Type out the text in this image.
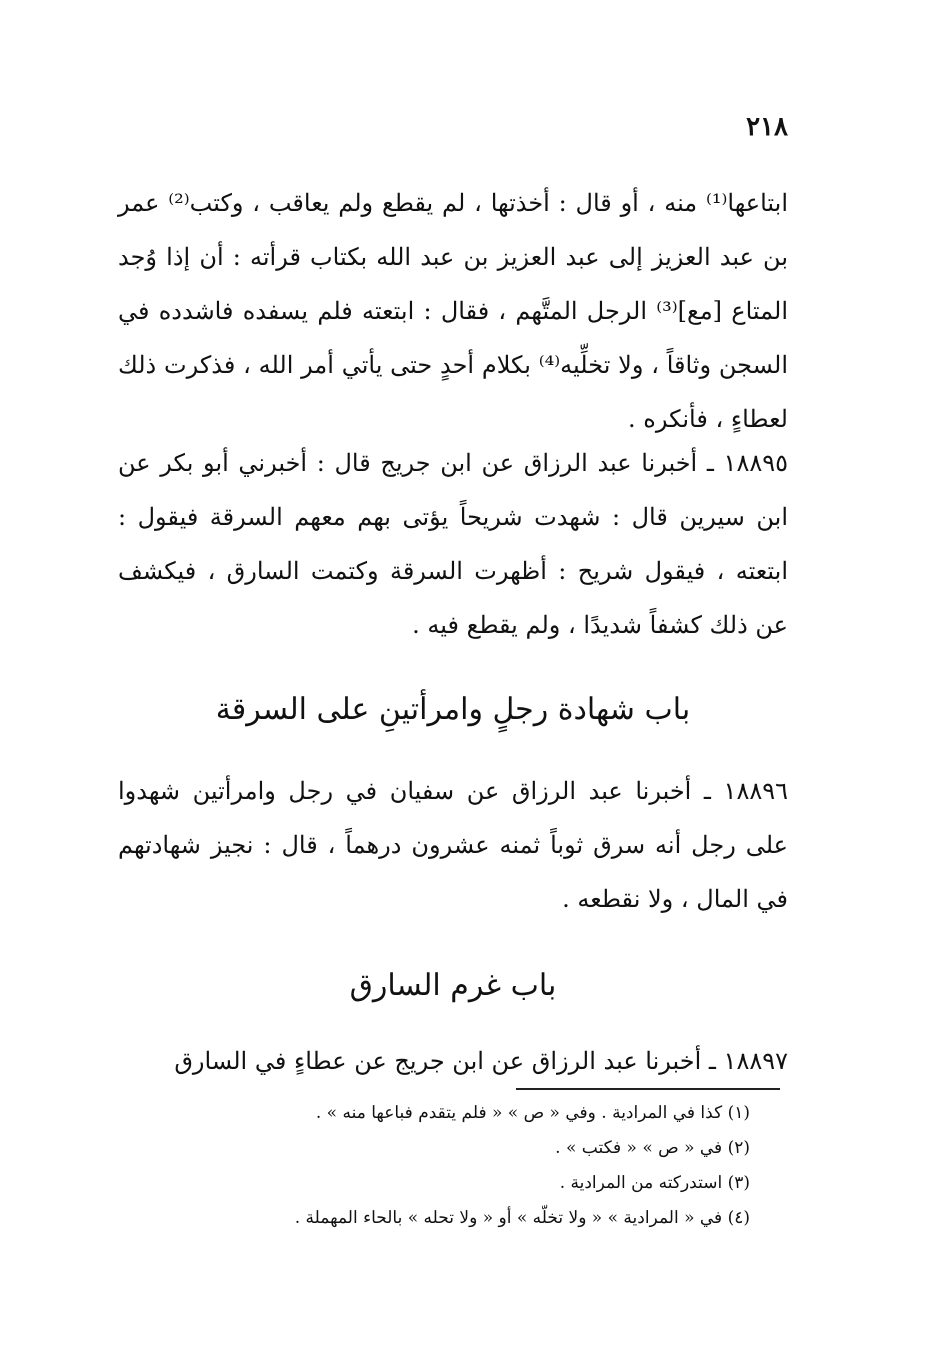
٢١٨

ابتاعها⁽¹⁾ منه ، أو قال : أخذتها ، لم يقطع ولم يعاقب ، وكتب⁽²⁾ عمر بن عبد العزيز إلى عبد العزيز بن عبد الله بكتاب قرأته : أن إذا وُجد المتاع [مع]⁽³⁾ الرجل المتَّهم ، فقال : ابتعته فلم يسفده فاشدده في السجن وثاقاً ، ولا تخلِّيه⁽⁴⁾ بكلام أحدٍ حتى يأتي أمر الله ، فذكرت ذلك لعطاءٍ ، فأنكره .

١٨٨٩٥ ـ أخبرنا عبد الرزاق عن ابن جريج قال : أخبرني أبو بكر عن ابن سيرين قال : شهدت شريحاً يؤتى بهم معهم السرقة فيقول : ابتعته ، فيقول شريح : أظهرت السرقة وكتمت السارق ، فيكشف عن ذلك كشفاً شديدًا ، ولم يقطع فيه .

باب شهادة رجلٍ وامرأتينِ على السرقة

١٨٨٩٦ ـ أخبرنا عبد الرزاق عن سفيان في رجل وامرأتين شهدوا على رجل أنه سرق ثوباً ثمنه عشرون درهماً ، قال : نجيز شهادتهم في المال ، ولا نقطعه .

باب غرم السارق

١٨٨٩٧ ـ أخبرنا عبد الرزاق عن ابن جريج عن عطاءٍ في السارق

(١) كذا في المرادية . وفي « ص » « فلم يتقدم فباعها منه » .
(٢) في « ص » « فكتب » .
(٣) استدركته من المرادية .
(٤) في « المرادية » « ولا تخلّه » أو « ولا تحله » بالحاء المهملة .
